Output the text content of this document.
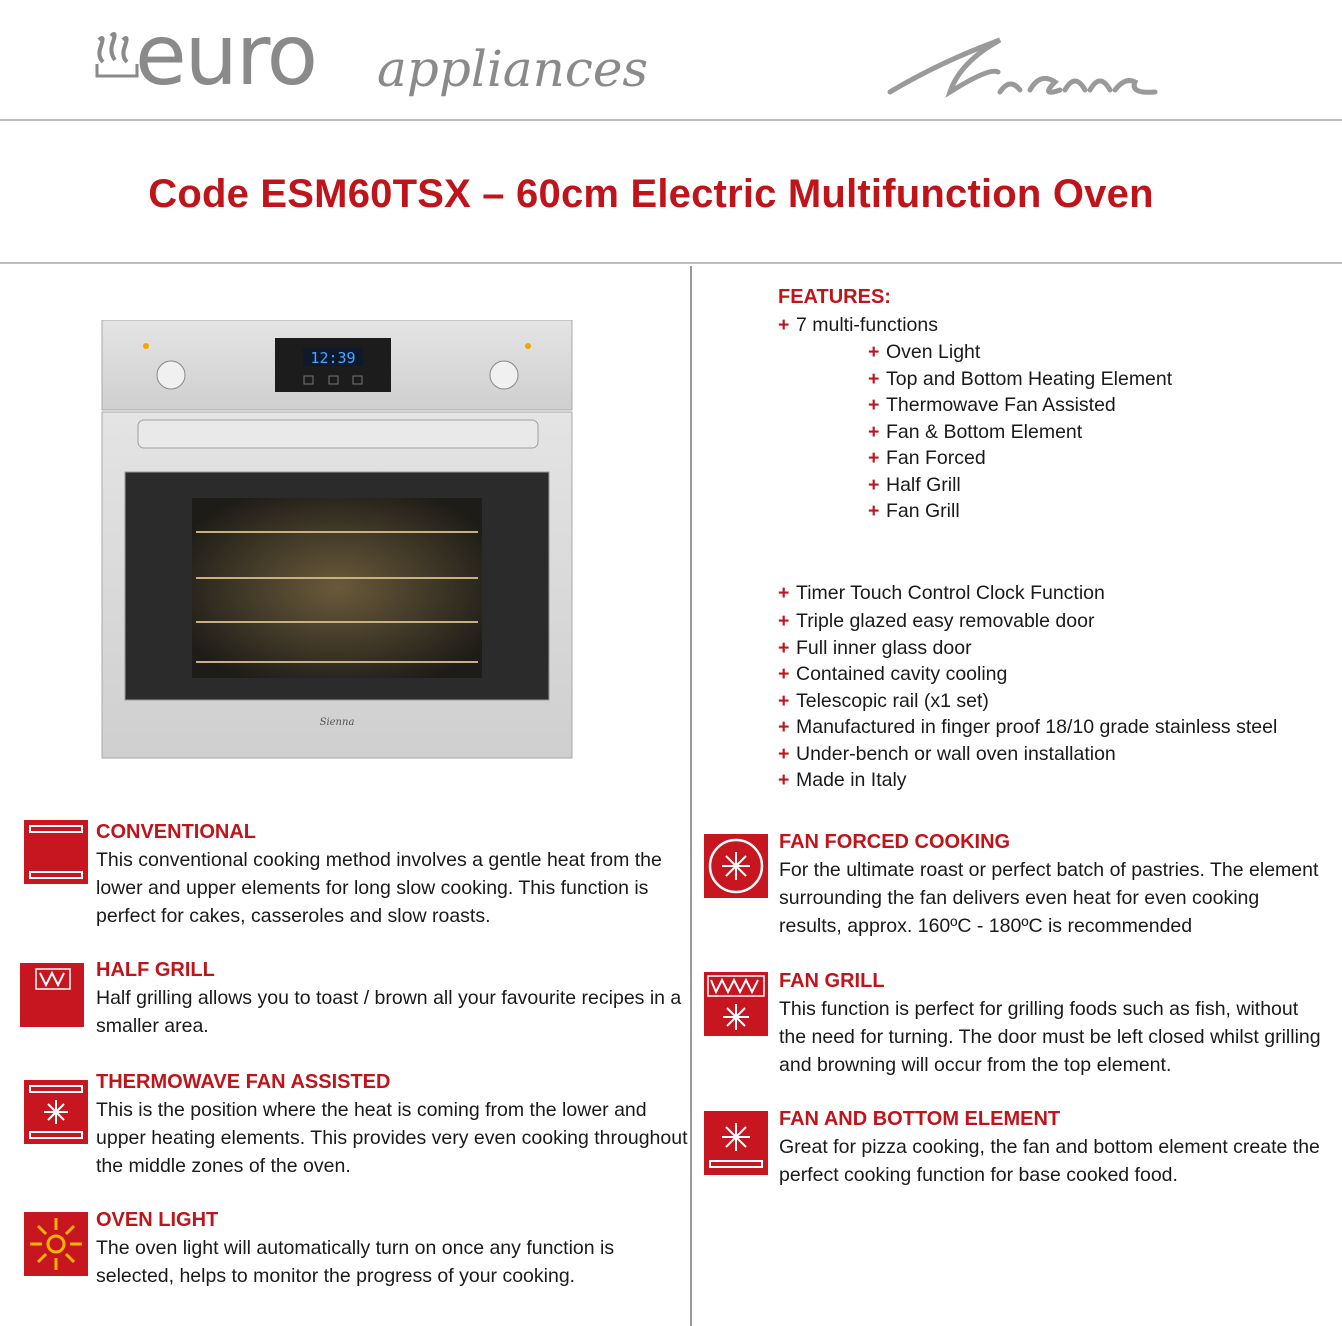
euro appliances
Code ESM60TSX – 60cm Electric Multifunction Oven
12:39
Sienna
FEATURES:
+ 7 multi-functions
+ Oven Light
+ Top and Bottom Heating Element
+ Thermowave Fan Assisted
+ Fan & Bottom Element
+ Fan Forced
+ Half Grill
+ Fan Grill
+ Timer Touch Control Clock Function
+ Triple glazed easy removable door
+ Full inner glass door
+ Contained cavity cooling
+ Telescopic rail (x1 set)
+ Manufactured in finger proof 18/10 grade stainless steel
+ Under-bench or wall oven installation
+ Made in Italy
CONVENTIONAL
This conventional cooking method involves a gentle heat from the lower and upper elements for long slow cooking. This function is perfect for cakes, casseroles and slow roasts.
HALF GRILL
Half grilling allows you to toast / brown all your favourite recipes in a smaller area.
THERMOWAVE FAN ASSISTED
This is the position where the heat is coming from the lower and upper heating elements. This provides very even cooking throughout the middle zones of the oven.
OVEN LIGHT
The oven light will automatically turn on once any function is selected, helps to monitor the progress of your cooking.
FAN FORCED COOKING
For the ultimate roast or perfect batch of pastries. The element surrounding the fan delivers even heat for even cooking results, approx. 160ºC - 180ºC is recommended
FAN GRILL
This function is perfect for grilling foods such as fish, without the need for turning. The door must be left closed whilst grilling and browning will occur from the top element.
FAN AND BOTTOM ELEMENT
Great for pizza cooking, the fan and bottom element create the perfect cooking function for base cooked food.
